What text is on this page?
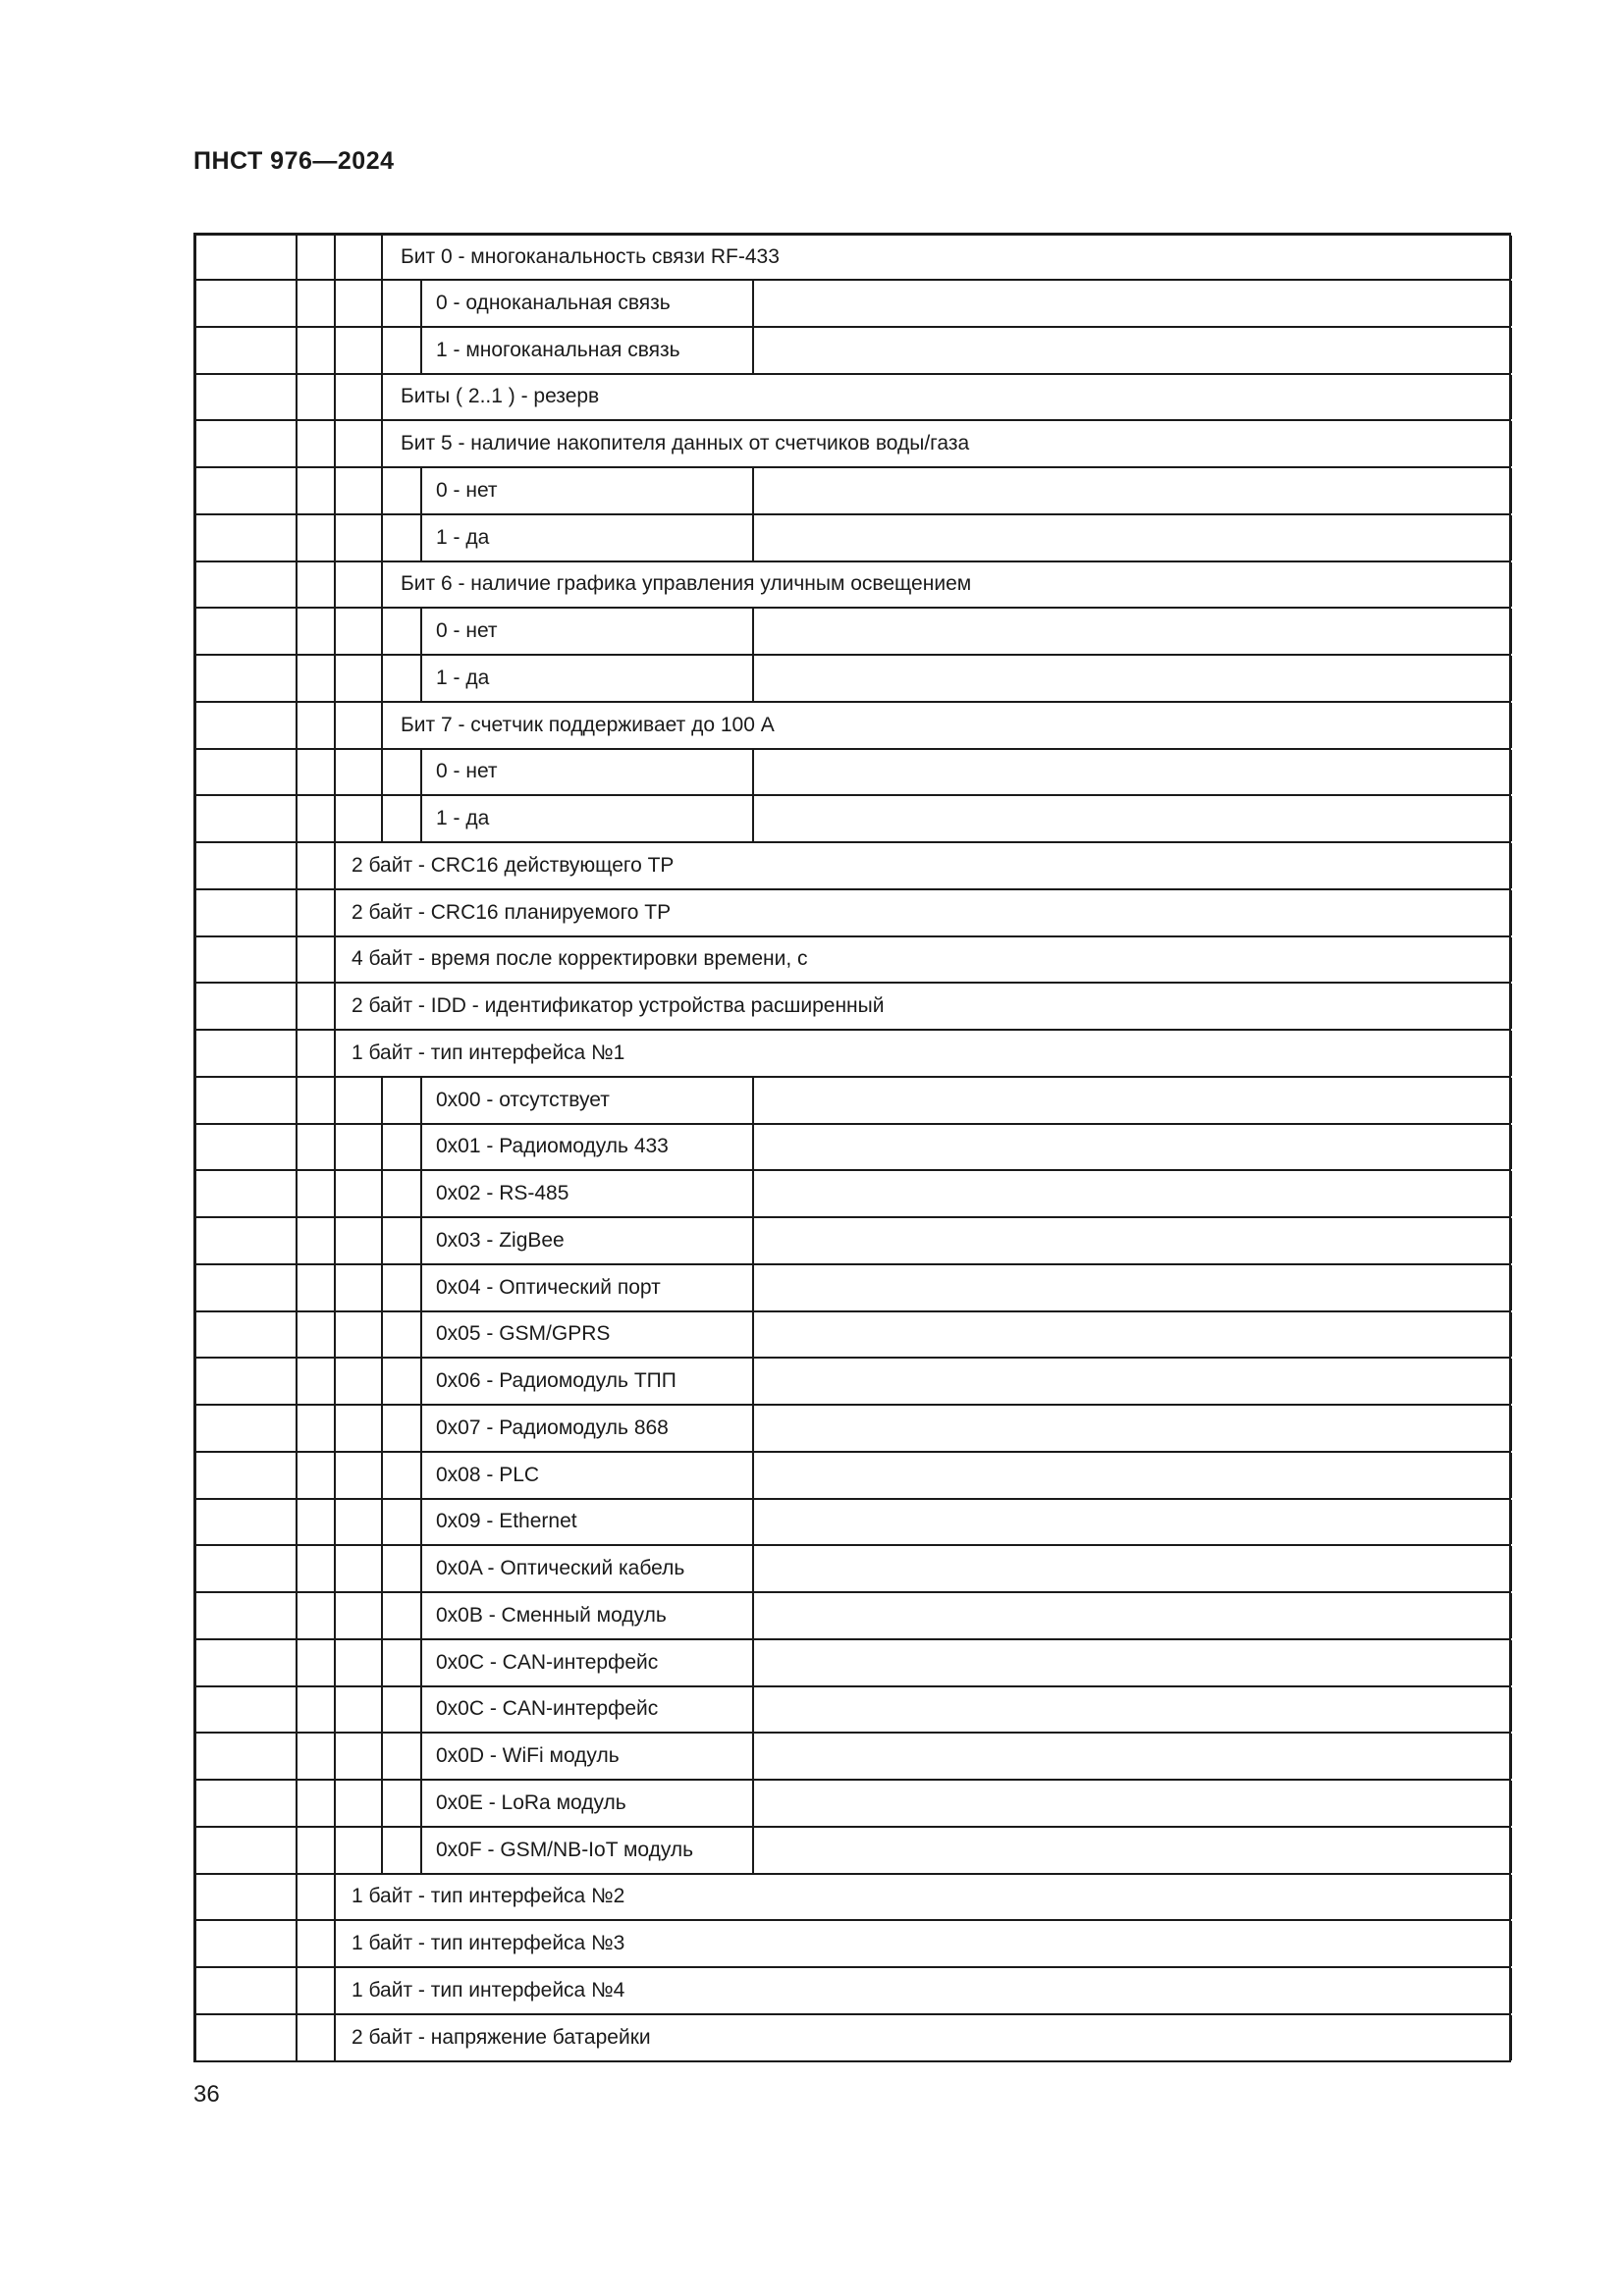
ПНСТ 976—2024
Бит 0 - многоканальность связи RF-433
0 - одноканальная связь
1 - многоканальная связь
Биты ( 2..1 ) - резерв
Бит 5 - наличие накопителя данных от счетчиков воды/газа
0 - нет
1 - да
Бит 6 - наличие графика управления уличным освещением
0 - нет
1 - да
Бит 7 - счетчик поддерживает до 100 А
0 - нет
1 - да
2 байт - CRC16 действующего ТР
2 байт - CRC16 планируемого ТР
4 байт - время после корректировки времени, с
2 байт - IDD - идентификатор устройства расширенный
1 байт - тип интерфейса №1
0x00 - отсутствует
0x01 - Радиомодуль 433
0x02 - RS-485
0x03 - ZigBee
0x04 - Оптический порт
0x05 - GSM/GPRS
0x06 - Радиомодуль ТПП
0x07 - Радиомодуль 868
0x08 - PLC
0x09 - Ethernet
0x0A - Оптический кабель
0x0B - Сменный модуль
0x0C - CAN-интерфейс
0x0C - CAN-интерфейс
0x0D - WiFi модуль
0x0E - LoRa модуль
0x0F - GSM/NB-IoT модуль
1 байт - тип интерфейса №2
1 байт - тип интерфейса №3
1 байт - тип интерфейса №4
2 байт - напряжение батарейки
36
